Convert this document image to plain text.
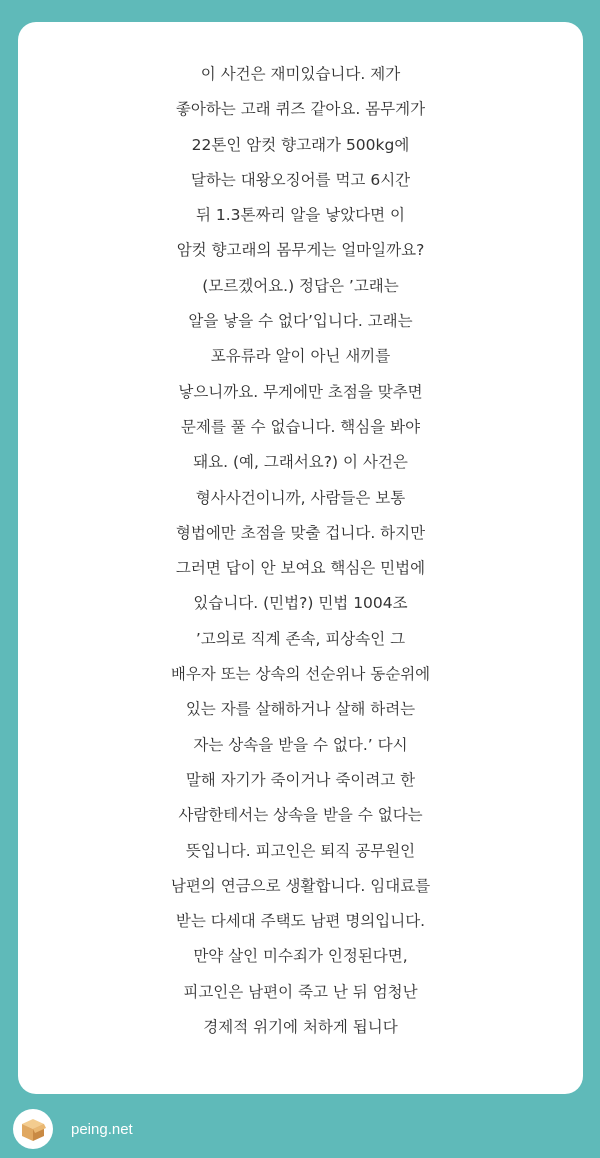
이 사건은 재미있습니다. 제가
좋아하는 고래 퀴즈 같아요. 몸무게가
22톤인 암컷 향고래가 500kg에
달하는 대왕오징어를 먹고 6시간
뒤 1.3톤짜리 알을 낳았다면 이
암컷 향고래의 몸무게는 얼마일까요?
(모르겠어요.) 정답은 ’고래는
알을 낳을 수 없다’입니다. 고래는
포유류라 알이 아닌 새끼를
낳으니까요. 무게에만 초점을 맞추면
문제를 풀 수 없습니다. 핵심을 봐야
돼요. (예, 그래서요?) 이 사건은
형사사건이니까, 사람들은 보통
형법에만 초점을 맞출 겁니다. 하지만
그러면 답이 안 보여요 핵심은 민법에
있습니다. (민법?) 민법 1004조
’고의로 직계 존속, 피상속인 그
배우자 또는 상속의 선순위나 동순위에
있는 자를 살해하거나 살해 하려는
자는 상속을 받을 수 없다.’ 다시
말해 자기가 죽이거나 죽이려고 한
사람한테서는 상속을 받을 수 없다는
뜻입니다. 피고인은 퇴직 공무원인
남편의 연금으로 생활합니다. 임대료를
받는 다세대 주택도 남편 명의입니다.
만약 살인 미수죄가 인정된다면,
피고인은 남편이 죽고 난 뒤 엄청난
경제적 위기에 처하게 됩니다
peing.net
